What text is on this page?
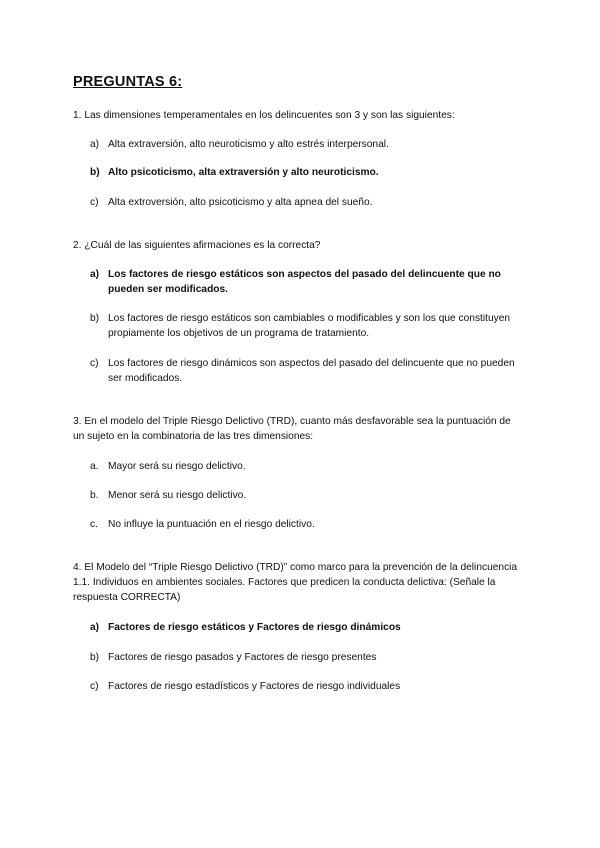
PREGUNTAS 6:
1. Las dimensiones temperamentales en los delincuentes son 3 y son las siguientes:
a) Alta extraversión, alto neuroticismo y alto estrés interpersonal.
b) Alto psicoticismo, alta extraversión y alto neuroticismo.
c) Alta extroversión, alto psicoticismo y alta apnea del sueño.
2. ¿Cuál de las siguientes afirmaciones es la correcta?
a) Los factores de riesgo estáticos son aspectos del pasado del delincuente que no pueden ser modificados.
b) Los factores de riesgo estáticos son cambiables o modificables y son los que constituyen propiamente los objetivos de un programa de tratamiento.
c) Los factores de riesgo dinámicos son aspectos del pasado del delincuente que no pueden ser modificados.
3. En el modelo del Triple Riesgo Delictivo (TRD), cuanto más desfavorable sea la puntuación de un sujeto en la combinatoria de las tres dimensiones:
a. Mayor será su riesgo delictivo.
b. Menor será su riesgo delictivo.
c. No influye la puntuación en el riesgo delictivo.
4. El Modelo del “Triple Riesgo Delictivo (TRD)” como marco para la prevención de la delincuencia 1.1. Individuos en ambientes sociales. Factores que predicen la conducta delictiva: (Señale la respuesta CORRECTA)
a) Factores de riesgo estáticos y Factores de riesgo dinámicos
b) Factores de riesgo pasados y Factores de riesgo presentes
c) Factores de riesgo estadísticos y Factores de riesgo individuales
